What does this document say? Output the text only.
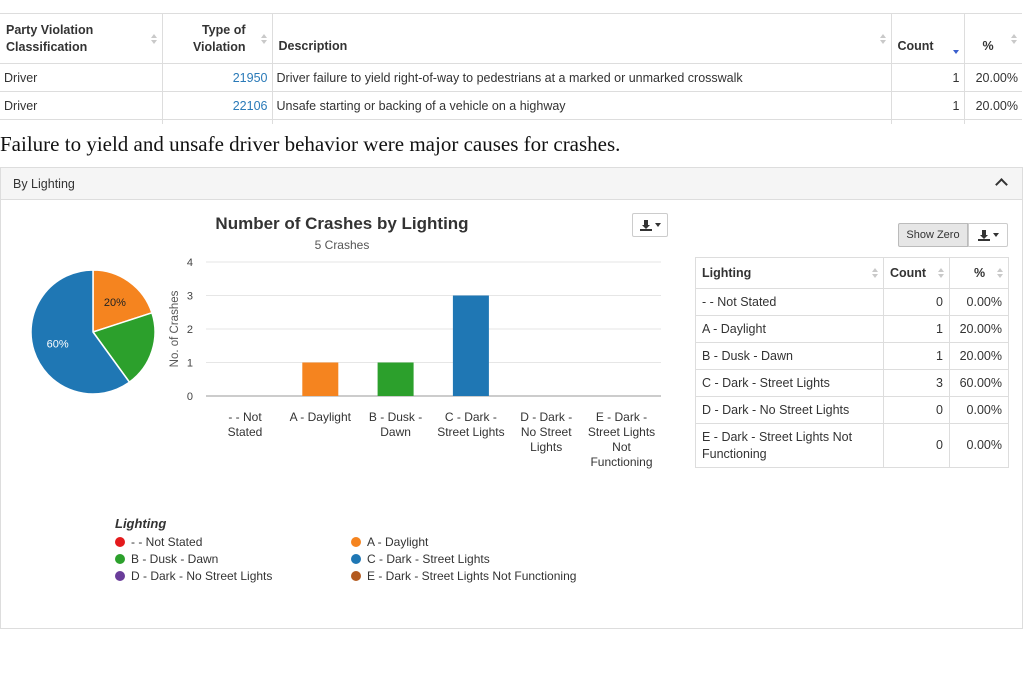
Party Violation Classification	Type of Violation	Description	Count	%

Driver	21950	Driver failure to yield right-of-way to pedestrians at a marked or unmarked crosswalk	1	20.00%
Driver	22106	Unsafe starting or backing of a vehicle on a highway	1	20.00%

Failure to yield and unsafe driver behavior were major causes for crashes.
By Lighting
20%
60%
Number of Crashes by Lighting
5 Crashes
0
1
2
3
4
No. of Crashes
- - Not
Stated
A - Daylight B - Dusk -
Dawn
C - Dark -
Street Lights
D - Dark -
No Street
Lights
E - Dark -
Street Lights
Not
Functioning
Lighting
- - Not Stated	A - Daylight
B - Dusk - Dawn	C - Dark - Street Lights
D - Dark - No Street Lights	E - Dark - Street Lights Not Functioning
Show Zero
Lighting	Count	%

- - Not Stated	0	0.00%
A - Daylight	1	20.00%
B - Dusk - Dawn	1	20.00%
C - Dark - Street Lights	3	60.00%
D - Dark - No Street Lights	0	0.00%
E - Dark - Street Lights Not Functioning	0	0.00%
